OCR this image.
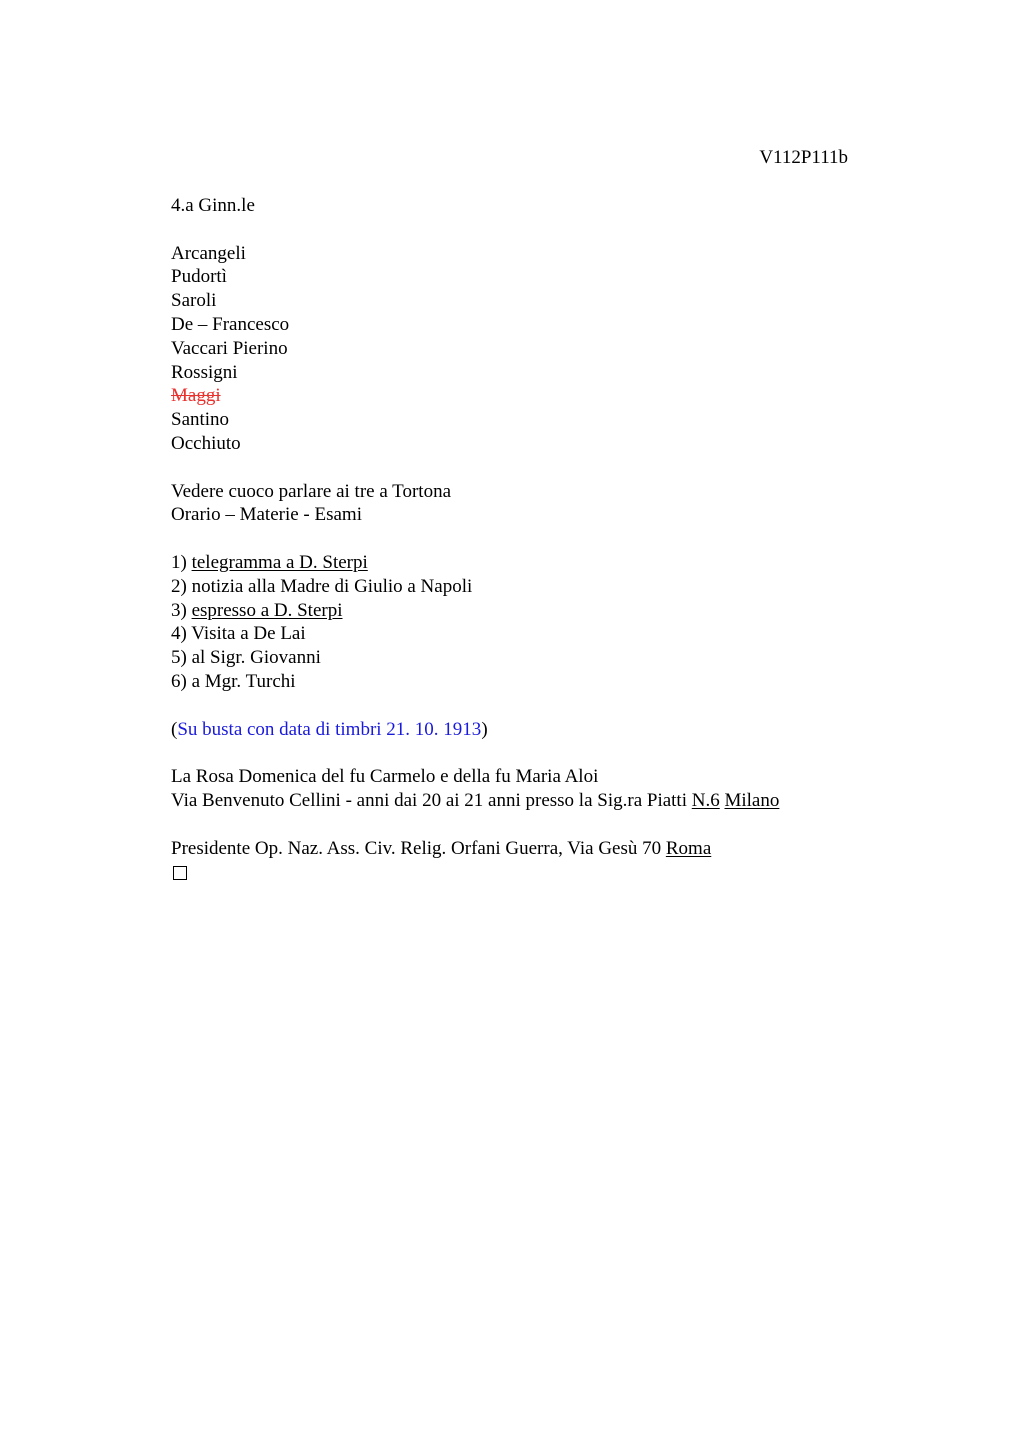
V112P111b
4.a Ginn.le
Arcangeli
Pudortì
Saroli
De – Francesco
Vaccari Pierino
Rossigni
Maggi
Santino
Occhiuto
Vedere cuoco parlare ai tre a Tortona
Orario – Materie - Esami
1) telegramma a D. Sterpi
2) notizia alla Madre di Giulio a Napoli
3) espresso a D. Sterpi
4) Visita a De Lai
5) al Sigr. Giovanni
6) a Mgr. Turchi
(Su busta con data di timbri 21. 10. 1913)
La Rosa Domenica del fu Carmelo e della fu Maria Aloi
Via Benvenuto Cellini - anni dai 20 ai 21 anni presso la Sig.ra Piatti N.6 Milano
Presidente Op. Naz. Ass. Civ. Relig. Orfani Guerra, Via Gesù 70 Roma
